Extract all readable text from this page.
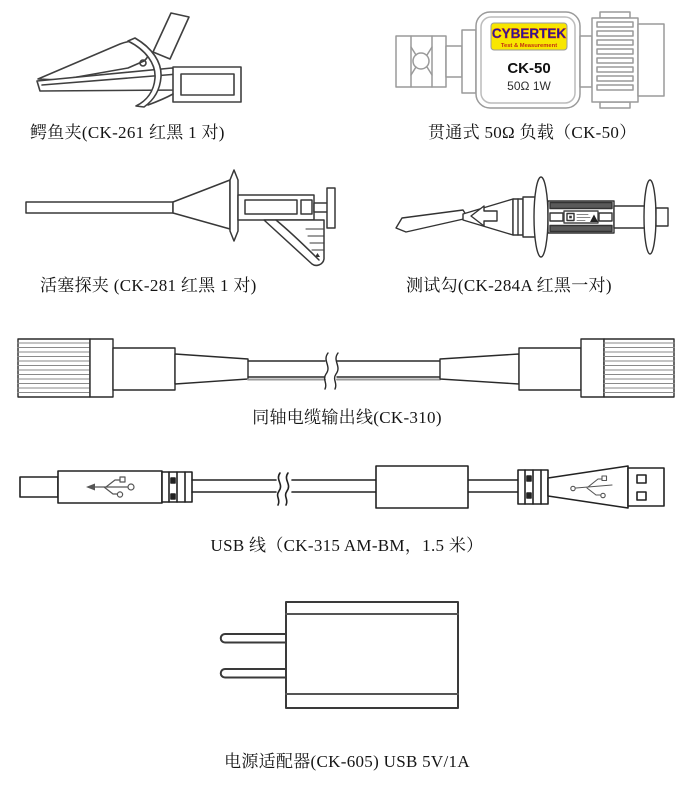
CYBERTEK
Test & Measurement
CK-50
50Ω 1W
鳄鱼夹(CK-261 红黑 1 对)	贯通式 50Ω 负载（CK-50）
活塞探夹 (CK-281 红黑 1 对)	测试勾(CK-284A 红黑一对)
同轴电缆输出线(CK-310)
USB 线（CK-315 AM-BM，1.5 米）
电源适配器(CK-605) USB 5V/1A
